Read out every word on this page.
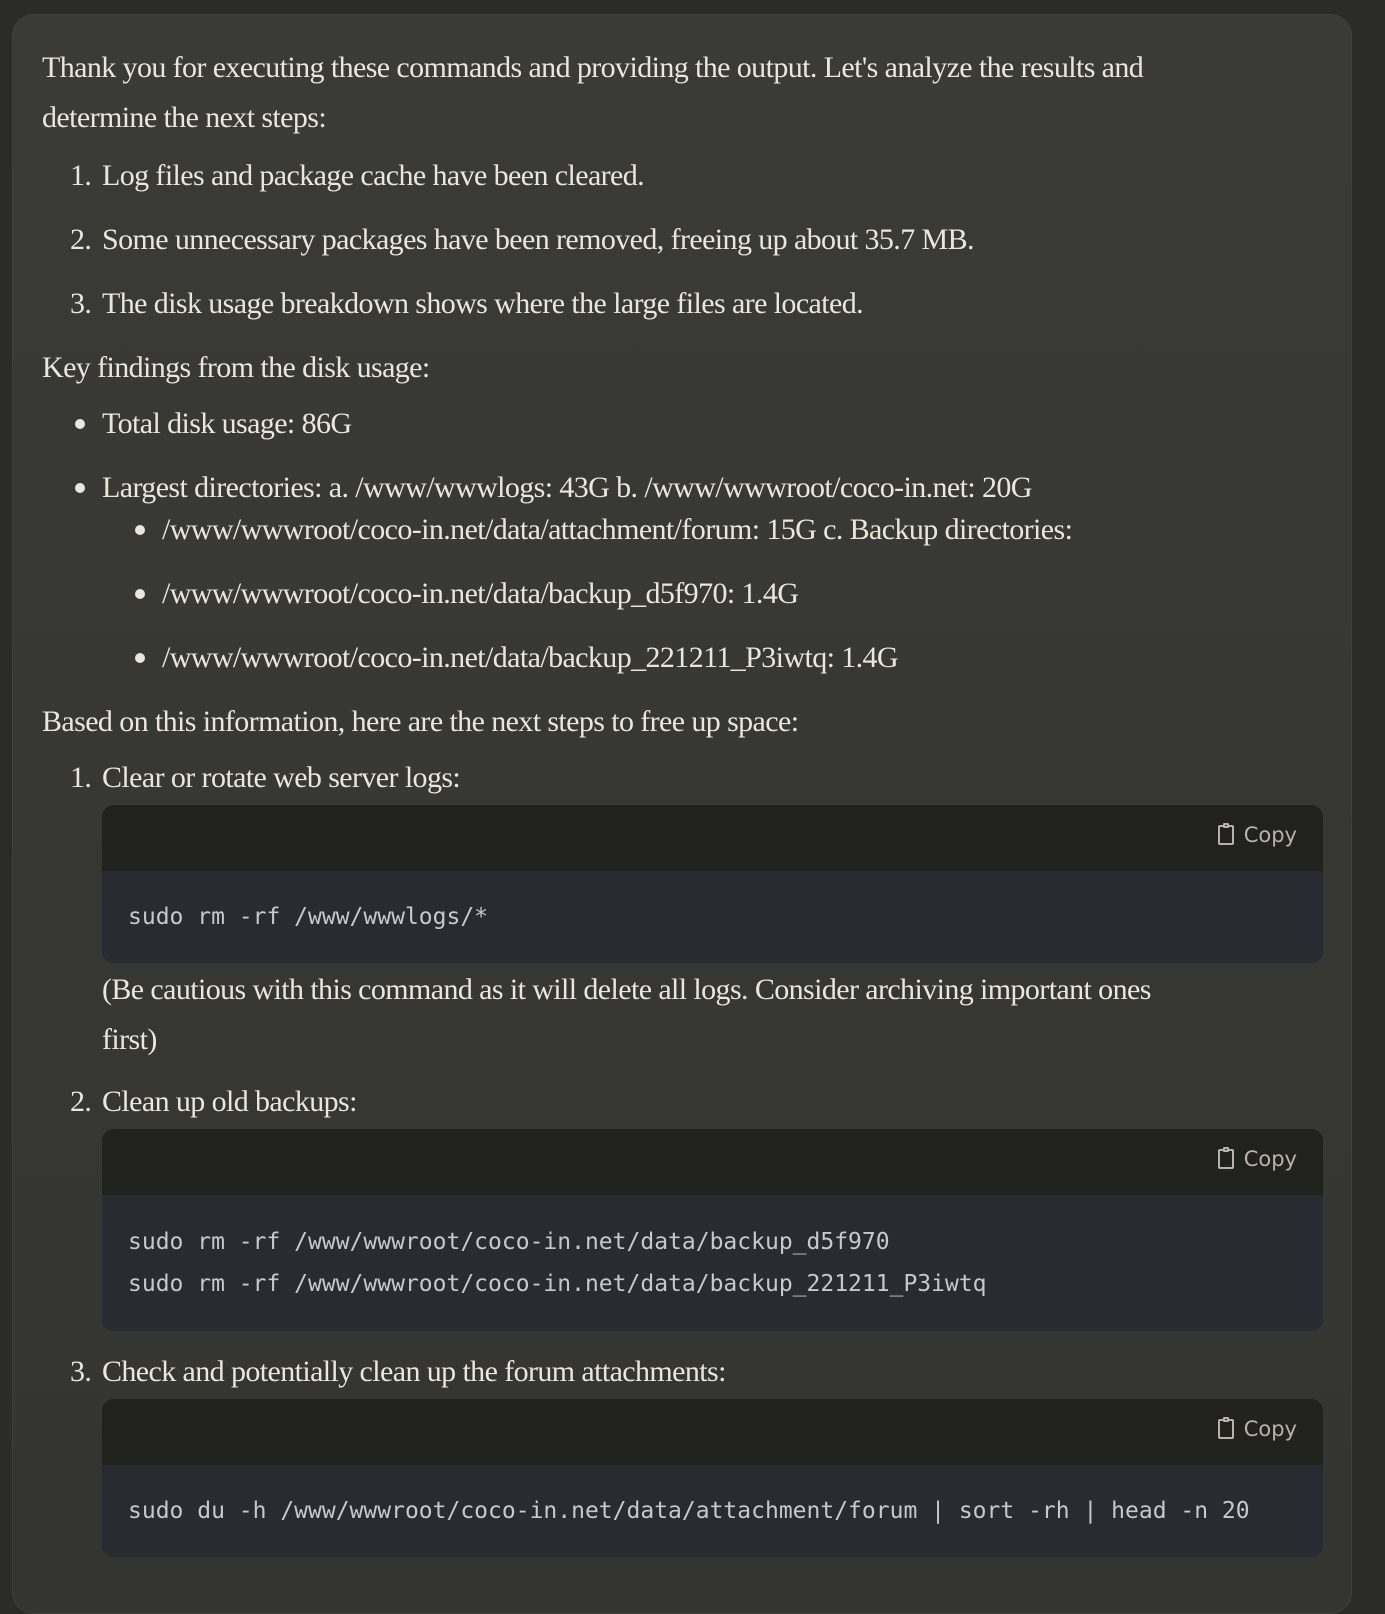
Thank you for executing these commands and providing the output. Let's analyze the results and determine the next steps:

1. Log files and package cache have been cleared.
2. Some unnecessary packages have been removed, freeing up about 35.7 MB.
3. The disk usage breakdown shows where the large files are located.

Key findings from the disk usage:

Total disk usage: 86G
Largest directories: a. /www/wwwlogs: 43G b. /www/wwwroot/coco-in.net: 20G
/www/wwwroot/coco-in.net/data/attachment/forum: 15G c. Backup directories:
/www/wwwroot/coco-in.net/data/backup_d5f970: 1.4G
/www/wwwroot/coco-in.net/data/backup_221211_P3iwtq: 1.4G

Based on this information, here are the next steps to free up space:

1. Clear or rotate web server logs:
Copy
sudo rm -rf /www/wwwlogs/*
(Be cautious with this command as it will delete all logs. Consider archiving important ones first)
2. Clean up old backups:
Copy
sudo rm -rf /www/wwwroot/coco-in.net/data/backup_d5f970
sudo rm -rf /www/wwwroot/coco-in.net/data/backup_221211_P3iwtq
3. Check and potentially clean up the forum attachments:
Copy
sudo du -h /www/wwwroot/coco-in.net/data/attachment/forum | sort -rh | head -n 20
